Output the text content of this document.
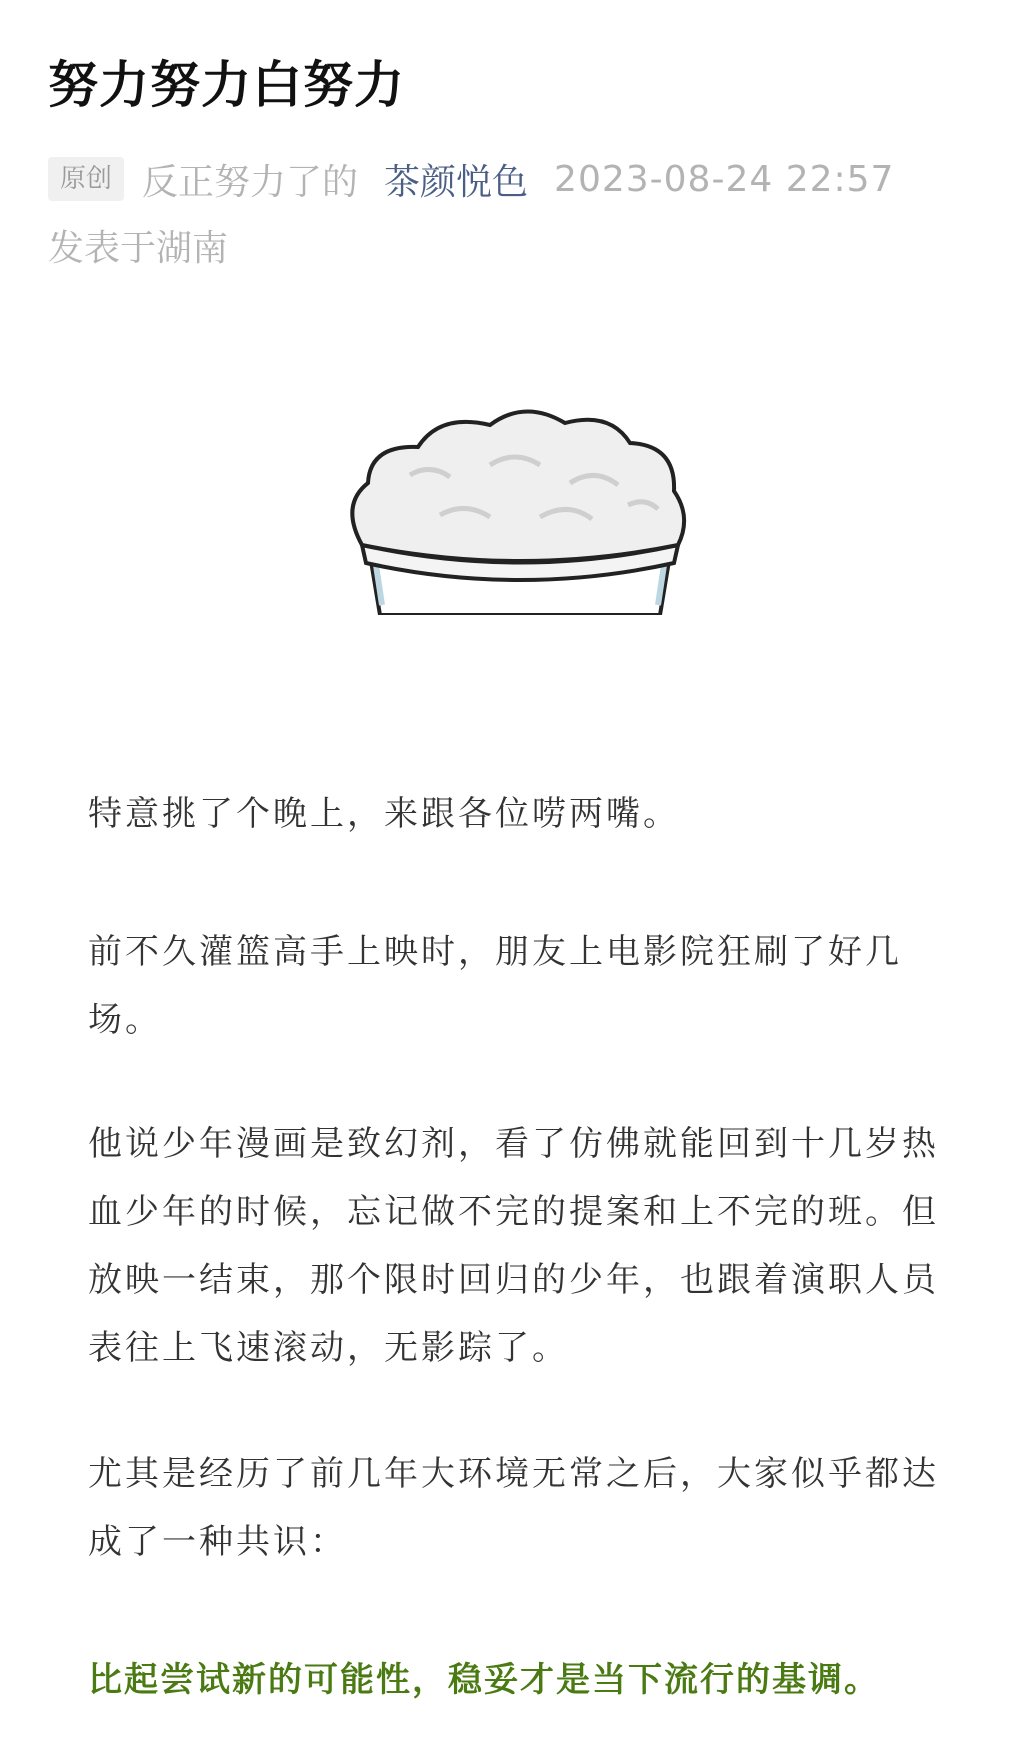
努力努力白努力
原创 反正努力了的 茶颜悦色 2023-08-24 22:57
发表于湖南

特意挑了个晚上，来跟各位唠两嘴。

前不久灌篮高手上映时，朋友上电影院狂刷了好几场。

他说少年漫画是致幻剂，看了仿佛就能回到十几岁热血少年的时候，忘记做不完的提案和上不完的班。但放映一结束，那个限时回归的少年，也跟着演职人员表往上飞速滚动，无影踪了。

尤其是经历了前几年大环境无常之后，大家似乎都达成了一种共识：

比起尝试新的可能性，稳妥才是当下流行的基调。
